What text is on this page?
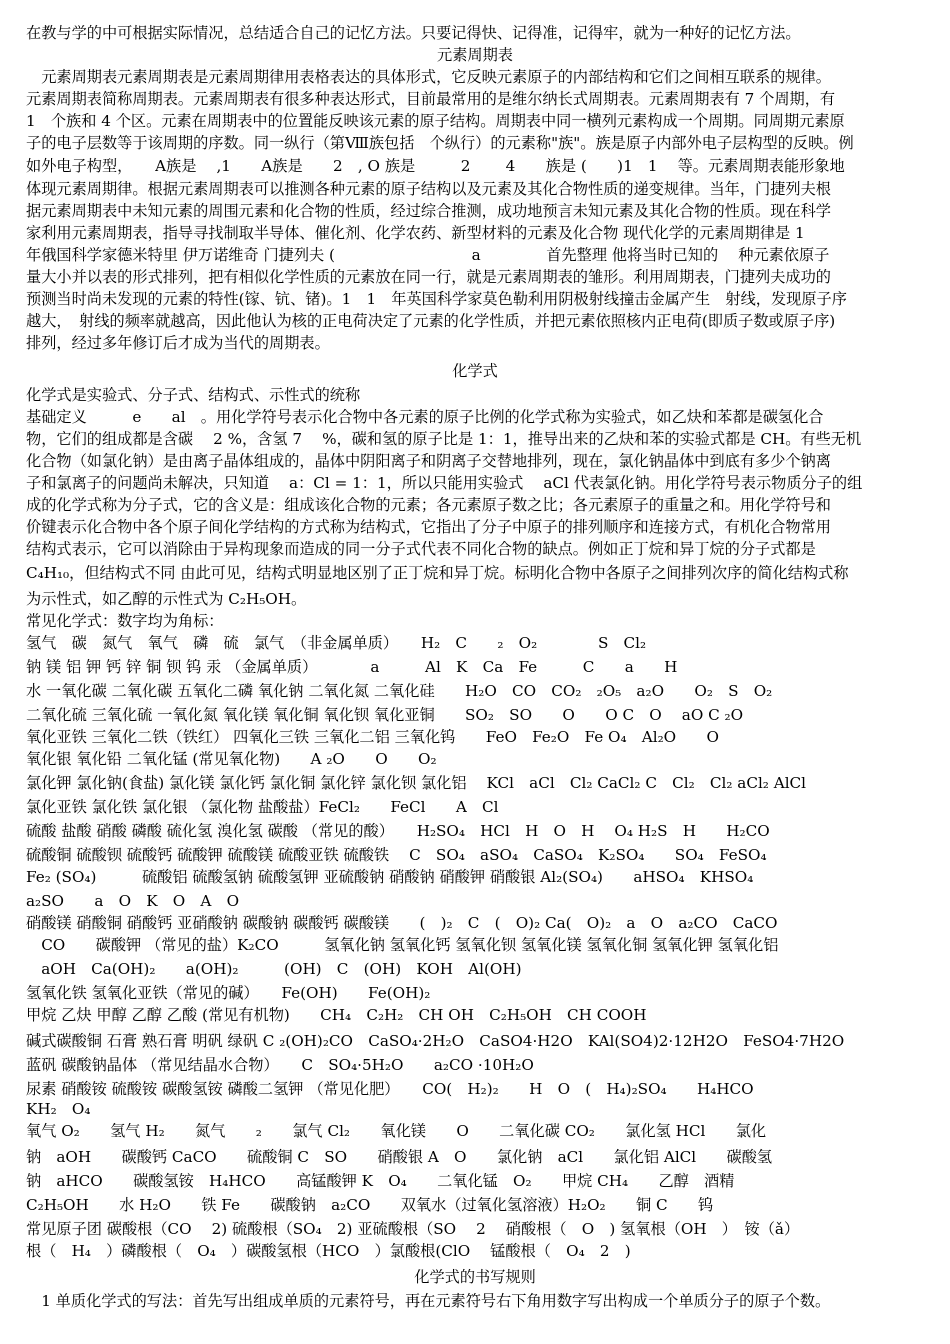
在教与学的中可根据实际情况，总结适合自己的记忆方法。只要记得快、记得准，记得牢，就为一种好的记忆方法。
元素周期表
　元素周期表元素周期表是元素周期律用表格表达的具体形式，它反映元素原子的内部结构和它们之间相互联系的规律。
元素周期表简称周期表。元素周期表有很多种表达形式，目前最常用的是维尔纳长式周期表。元素周期表有 7 个周期，有
1　个族和 4 个区。元素在周期表中的位置能反映该元素的原子结构。周期表中同一横列元素构成一个周期。同周期元素原
子的电子层数等于该周期的序数。同一纵行（第Ⅷ族包括　个纵行）的元素称"族"。族是原子内部外电子层构型的反映。例
如外电子构型，　　A族是　 ,1　　A族是　　2　, O 族是　　　2　 　4　　族是 (　　)1　1　 等。元素周期表能形象地
体现元素周期律。根据元素周期表可以推测各种元素的原子结构以及元素及其化合物性质的递变规律。当年，门捷列夫根
据元素周期表中未知元素的周围元素和化合物的性质，经过综合推测，成功地预言未知元素及其化合物的性质。现在科学
家利用元素周期表，指导寻找制取半导体、催化剂、化学农药、新型材料的元素及化合物 现代化学的元素周期律是 1
年俄国科学家德米特里 伊万诺维奇 门捷列夫 (　　　　　　　　　a　　　 　首先整理 他将当时已知的　 种元素依原子
量大小并以表的形式排列，把有相似化学性质的元素放在同一行，就是元素周期表的雏形。利用周期表，门捷列夫成功的
预测当时尚未发现的元素的特性(镓、钪、锗)。1　1　年英国科学家莫色勒利用阴极射线撞击金属产生　射线，发现原子序
越大，　射线的频率就越高，因此他认为核的正电荷决定了元素的化学性质，并把元素依照核内正电荷(即质子数或原子序)
排列，经过多年修订后才成为当代的周期表。
化学式
化学式是实验式、分子式、结构式、示性式的统称
基础定义　　　e　　al　。用化学符号表示化合物中各元素的原子比例的化学式称为实验式，如乙炔和苯都是碳氢化合
物，它们的组成都是含碳　 2 %，含氢 7　 %，碳和氢的原子比是 1：1，推导出来的乙炔和苯的实验式都是 CH。有些无机
化合物（如氯化钠）是由离子晶体组成的，晶体中阴阳离子和阴离子交替地排列，现在，氯化钠晶体中到底有多少个钠离
子和氯离子的问题尚未解决，只知道　 a：Cl = 1：1，所以只能用实验式　 aCl 代表氯化钠。用化学符号表示物质分子的组
成的化学式称为分子式，它的含义是：组成该化合物的元素；各元素原子数之比；各元素原子的重量之和。用化学符号和
价键表示化合物中各个原子间化学结构的方式称为结构式，它指出了分子中原子的排列顺序和连接方式，有机化合物常用
结构式表示，它可以消除由于异构现象而造成的同一分子式代表不同化合物的缺点。例如正丁烷和异丁烷的分子式都是
C₄H₁₀，但结构式不同 由此可见，结构式明显地区别了正丁烷和异丁烷。标明化合物中各原子之间排列次序的简化结构式称
为示性式，如乙醇的示性式为 C₂H₅OH。
常见化学式：数字均为角标：
氢气　碳　氮气　氧气　磷　硫　氯气　（非金属单质）　　H₂　C　　₂　O₂　　　　S　Cl₂
钠 镁 铝 钾 钙 锌 铜 钡 钨 汞 （金属单质）　　　　a　　　Al　K　Ca　Fe　　　C　　a　　H
水 一氧化碳 二氧化碳 五氧化二磷 氧化钠 二氧化氮 二氧化硅　　H₂O　CO　CO₂　₂O₅　a₂O　　O₂　S　O₂
二氧化硫 三氧化硫 一氧化氮 氧化镁 氧化铜 氧化钡 氧化亚铜　　SO₂　SO　　O　　O C　O　 aO C ₂O
氧化亚铁 三氧化二铁（铁红） 四氧化三铁 三氧化二铝 三氧化钨　　FeO　Fe₂O　Fe O₄　Al₂O　　O
氧化银 氧化铅 二氧化锰 (常见氧化物)　　A ₂O　　O　　O₂
氯化钾 氯化钠(食盐) 氯化镁 氯化钙 氯化铜 氯化锌 氯化钡 氯化铝　 KCl　aCl　Cl₂ CaCl₂ C　Cl₂　Cl₂ aCl₂ AlCl
氯化亚铁 氯化铁 氯化银 （氯化物 盐酸盐）FeCl₂　　FeCl　　A　Cl
硫酸 盐酸 硝酸 磷酸 硫化氢 溴化氢 碳酸 （常见的酸）　　H₂SO₄　HCl　H　O　H　 O₄ H₂S　H　　H₂CO
硫酸铜 硫酸钡 硫酸钙 硫酸钾 硫酸镁 硫酸亚铁 硫酸铁　 C　SO₄　aSO₄　CaSO₄　K₂SO₄　　SO₄　FeSO₄
Fe₂ (SO₄)　　　硫酸铝 硫酸氢钠 硫酸氢钾 亚硫酸钠 硝酸钠 硝酸钾 硝酸银 Al₂(SO₄)　　aHSO₄　KHSO₄
a₂SO　　a　O　K　O　A　O
硝酸镁 硝酸铜 硝酸钙 亚硝酸钠 碳酸钠 碳酸钙 碳酸镁　　(　)₂　C　(　O)₂ Ca(　O)₂　a　O　a₂CO　CaCO
　CO　　碳酸钾 （常见的盐）K₂CO　　　氢氧化钠 氢氧化钙 氢氧化钡 氢氧化镁 氢氧化铜 氢氧化钾 氢氧化铝
　aOH　Ca(OH)₂　　a(OH)₂　　　(OH)　C　(OH)　KOH　Al(OH)
氢氧化铁 氢氧化亚铁（常见的碱）　　Fe(OH)　　Fe(OH)₂
甲烷 乙炔 甲醇 乙醇 乙酸 (常见有机物)　　CH₄　C₂H₂　CH OH　C₂H₅OH　CH COOH
碱式碳酸铜 石膏 熟石膏 明矾 绿矾 C ₂(OH)₂CO　CaSO₄·2H₂O　CaSO4·H2O　KAl(SO4)2·12H2O　FeSO4·7H2O
蓝矾 碳酸钠晶体 （常见结晶水合物）　　C　SO₄·5H₂O　　a₂CO ·10H₂O
尿素 硝酸铵 硫酸铵 碳酸氢铵 磷酸二氢钾 （常见化肥）　　CO(　H₂)₂　　H　O　(　H₄)₂SO₄　　H₄HCO
KH₂　O₄
氧气 O₂　　氢气 H₂　　氮气　　₂　　氯气 Cl₂　　氧化镁　　O　　二氧化碳 CO₂　　氯化氢 HCl　　氯化
钠　aOH　　碳酸钙 CaCO　　硫酸铜 C　SO　　硝酸银 A　O　　氯化钠　aCl　　氯化铝 AlCl　　碳酸氢
钠　aHCO　　碳酸氢铵　H₄HCO　　高锰酸钾 K　O₄　　二氧化锰　O₂　　甲烷 CH₄　　乙醇　酒精
C₂H₅OH　　水 H₂O　　铁 Fe　　碳酸钠　a₂CO　　双氧水（过氧化氢溶液）H₂O₂　　铜 C　　钨
常见原子团 碳酸根（CO　 2) 硫酸根（SO₄　2) 亚硫酸根（SO　 2　 硝酸根（　O　) 氢氧根（OH　）　铵（ǎ）
根（　H₄　）磷酸根（　O₄　）碳酸氢根（HCO　）氯酸根(ClO　 锰酸根（　O₄　2　)
化学式的书写规则
　1 单质化学式的写法：首先写出组成单质的元素符号，再在元素符号右下角用数字写出构成一个单质分子的原子个数。
